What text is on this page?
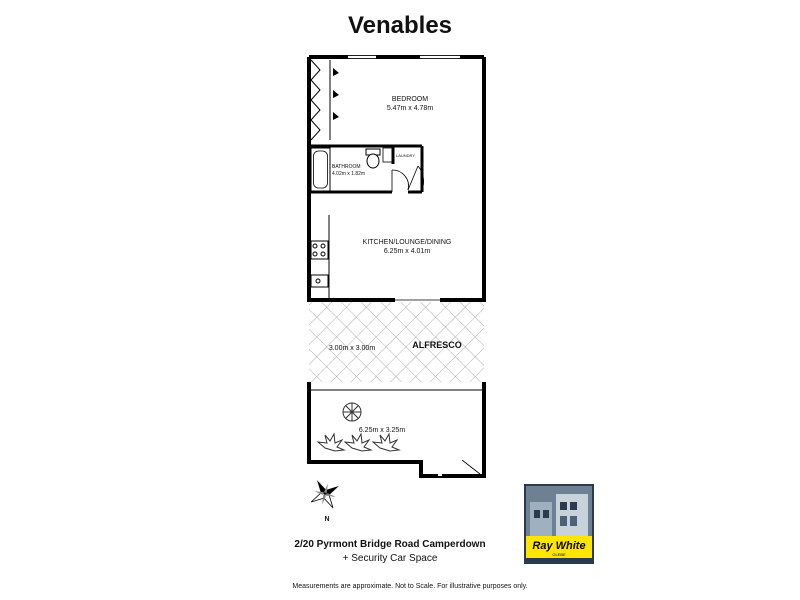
Venables
BEDROOM
5.47m x 4.78m
BATHROOM
4.02m x 1.82m
LAUNDRY
KITCHEN/LOUNGE/DINING
6.25m x 4.01m
3.00m x 3.00m	ALFRESCO
6.25m x 3.25m
N
2/20 Pyrmont Bridge Road Camperdown
+ Security Car Space
Ray White
GLEBE
Measurements are approximate. Not to Scale. For illustrative purposes only.
